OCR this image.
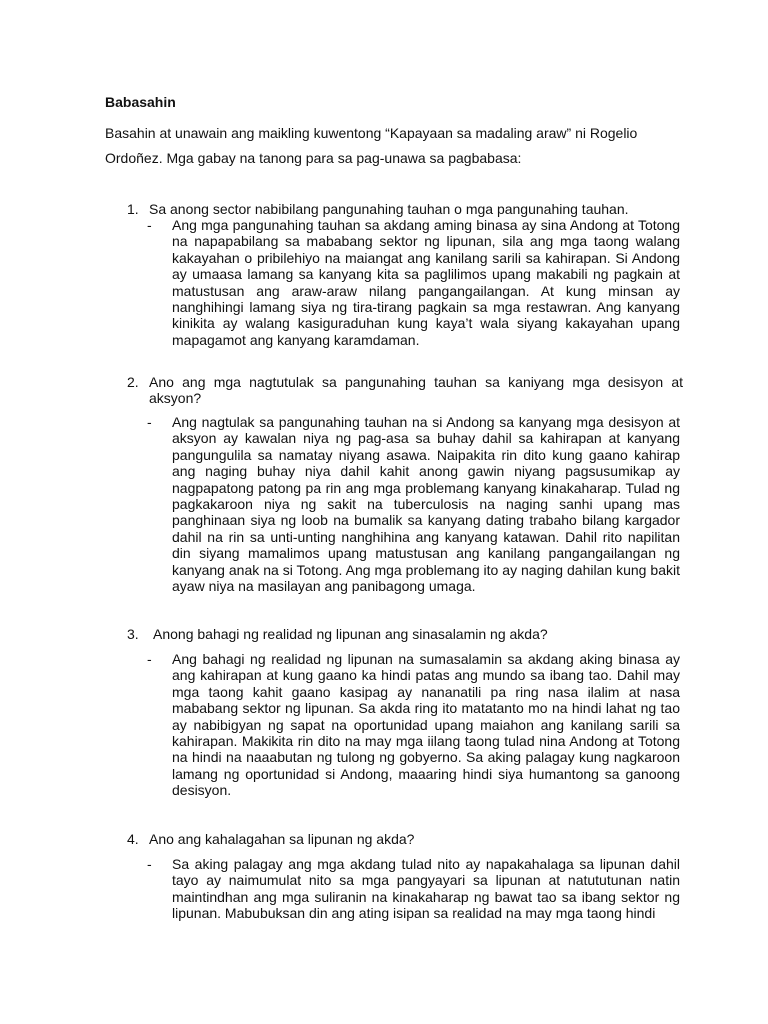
Babasahin
Basahin at unawain ang maikling kuwentong “Kapayaan sa madaling araw” ni Rogelio Ordoñez. Mga gabay na tanong para sa pag-unawa sa pagbabasa:
1. Sa anong sector nabibilang pangunahing tauhan o mga pangunahing tauhan.
- Ang mga pangunahing tauhan sa akdang aming binasa ay sina Andong at Totong na napapabilang sa mababang sektor ng lipunan, sila ang mga taong walang kakayahan o pribilehiyo na maiangat ang kanilang sarili sa kahirapan. Si Andong ay umaasa lamang sa kanyang kita sa paglilimos upang makabili ng pagkain at matustusan ang araw-araw nilang pangangailangan. At kung minsan ay nanghihingi lamang siya ng tira-tirang pagkain sa mga restawran. Ang kanyang kinikita ay walang kasiguraduhan kung kaya’t wala siyang kakayahan upang mapagamot ang kanyang karamdaman.
2. Ano ang mga nagtutulak sa pangunahing tauhan sa kaniyang mga desisyon at aksyon?
- Ang nagtulak sa pangunahing tauhan na si Andong sa kanyang mga desisyon at aksyon ay kawalan niya ng pag-asa sa buhay dahil sa kahirapan at kanyang pangungulila sa namatay niyang asawa. Naipakita rin dito kung gaano kahirap ang naging buhay niya dahil kahit anong gawin niyang pagsusumikap ay nagpapatong patong pa rin ang mga problemang kanyang kinakaharap. Tulad ng pagkakaroon niya ng sakit na tuberculosis na naging sanhi upang mas panghinaan siya ng loob na bumalik sa kanyang dating trabaho bilang kargador dahil na rin sa unti-unting nanghihina ang kanyang katawan. Dahil rito napilitan din siyang mamalimos upang matustusan ang kanilang pangangailangan ng kanyang anak na si Totong. Ang mga problemang ito ay naging dahilan kung bakit ayaw niya na masilayan ang panibagong umaga.
3. Anong bahagi ng realidad ng lipunan ang sinasalamin ng akda?
- Ang bahagi ng realidad ng lipunan na sumasalamin sa akdang aking binasa ay ang kahirapan at kung gaano ka hindi patas ang mundo sa ibang tao. Dahil may mga taong kahit gaano kasipag ay nananatili pa ring nasa ilalim at nasa mababang sektor ng lipunan. Sa akda ring ito matatanto mo na hindi lahat ng tao ay nabibigyan ng sapat na oportunidad upang maiahon ang kanilang sarili sa kahirapan. Makikita rin dito na may mga iilang taong tulad nina Andong at Totong na hindi na naaabutan ng tulong ng gobyerno. Sa aking palagay kung nagkaroon lamang ng oportunidad si Andong, maaaring hindi siya humantong sa ganoong desisyon.
4. Ano ang kahalagahan sa lipunan ng akda?
- Sa aking palagay ang mga akdang tulad nito ay napakahalaga sa lipunan dahil tayo ay naimumulat nito sa mga pangyayari sa lipunan at natututunan natin maintindhan ang mga suliranin na kinakaharap ng bawat tao sa ibang sektor ng lipunan. Mabubuksan din ang ating isipan sa realidad na may mga taong hindi
